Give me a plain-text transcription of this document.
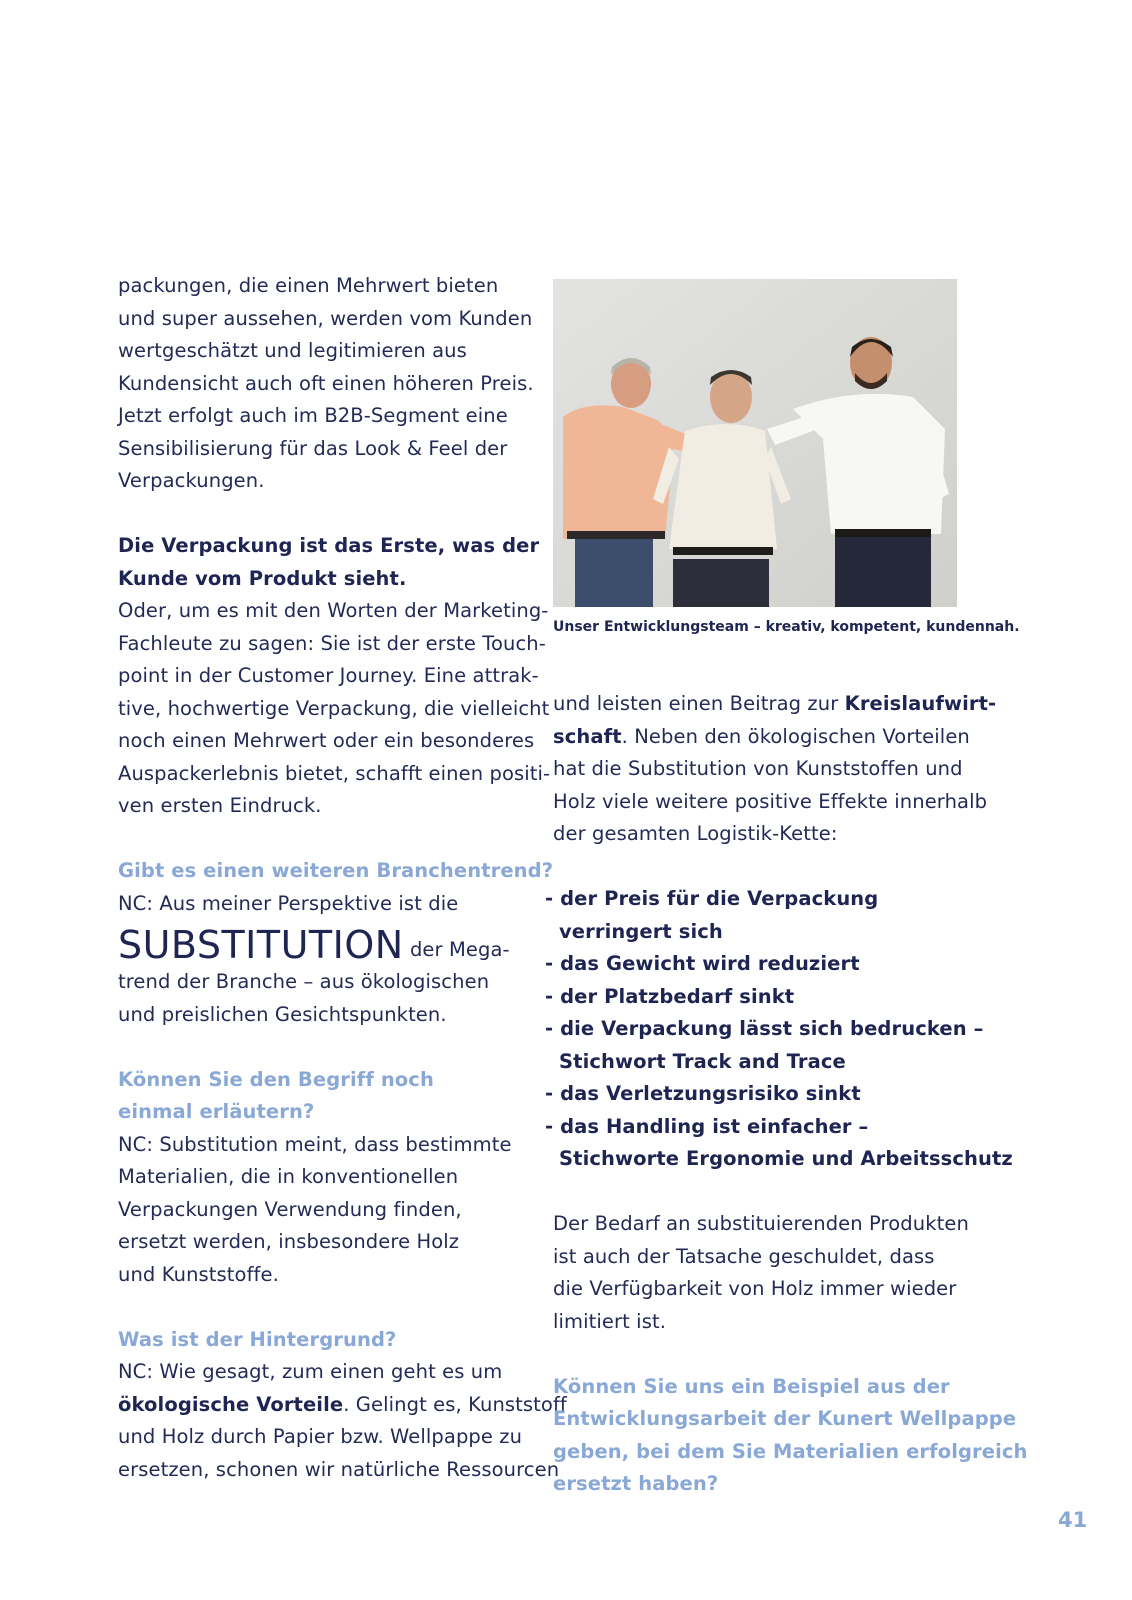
packungen, die einen Mehrwert bieten
und super aussehen, werden vom Kunden
wertgeschätzt und legitimieren aus
Kundensicht auch oft einen höheren Preis.
Jetzt erfolgt auch im B2B-Segment eine
Sensibilisierung für das Look & Feel der
Verpackungen.
Die Verpackung ist das Erste, was der
Kunde vom Produkt sieht.
Oder, um es mit den Worten der Marketing-
Fachleute zu sagen: Sie ist der erste Touch-
point in der Customer Journey. Eine attrak-
tive, hochwertige Verpackung, die vielleicht
noch einen Mehrwert oder ein besonderes
Auspackerlebnis bietet, schafft einen positi-
ven ersten Eindruck.
Gibt es einen weiteren Branchentrend?
NC: Aus meiner Perspektive ist die
SUBSTITUTION der Mega-
trend der Branche – aus ökologischen
und preislichen Gesichtspunkten.
Können Sie den Begriff noch
einmal erläutern?
NC: Substitution meint, dass bestimmte
Materialien, die in konventionellen
Verpackungen Verwendung finden,
ersetzt werden, insbesondere Holz
und Kunststoffe.
Was ist der Hintergrund?
NC: Wie gesagt, zum einen geht es um
ökologische Vorteile. Gelingt es, Kunststoff
und Holz durch Papier bzw. Wellpappe zu
ersetzen, schonen wir natürliche Ressourcen
Unser Entwicklungsteam – kreativ, kompetent, kundennah.
und leisten einen Beitrag zur Kreislaufwirt-
schaft. Neben den ökologischen Vorteilen
hat die Substitution von Kunststoffen und
Holz viele weitere positive Effekte innerhalb
der gesamten Logistik-Kette:
- der Preis für die Verpackung
verringert sich
- das Gewicht wird reduziert
- der Platzbedarf sinkt
- die Verpackung lässt sich bedrucken –
Stichwort Track and Trace
- das Verletzungsrisiko sinkt
- das Handling ist einfacher –
Stichworte Ergonomie und Arbeitsschutz
Der Bedarf an substituierenden Produkten
ist auch der Tatsache geschuldet, dass
die Verfügbarkeit von Holz immer wieder
limitiert ist.
Können Sie uns ein Beispiel aus der
Entwicklungsarbeit der Kunert Wellpappe
geben, bei dem Sie Materialien erfolgreich
ersetzt haben?
41
